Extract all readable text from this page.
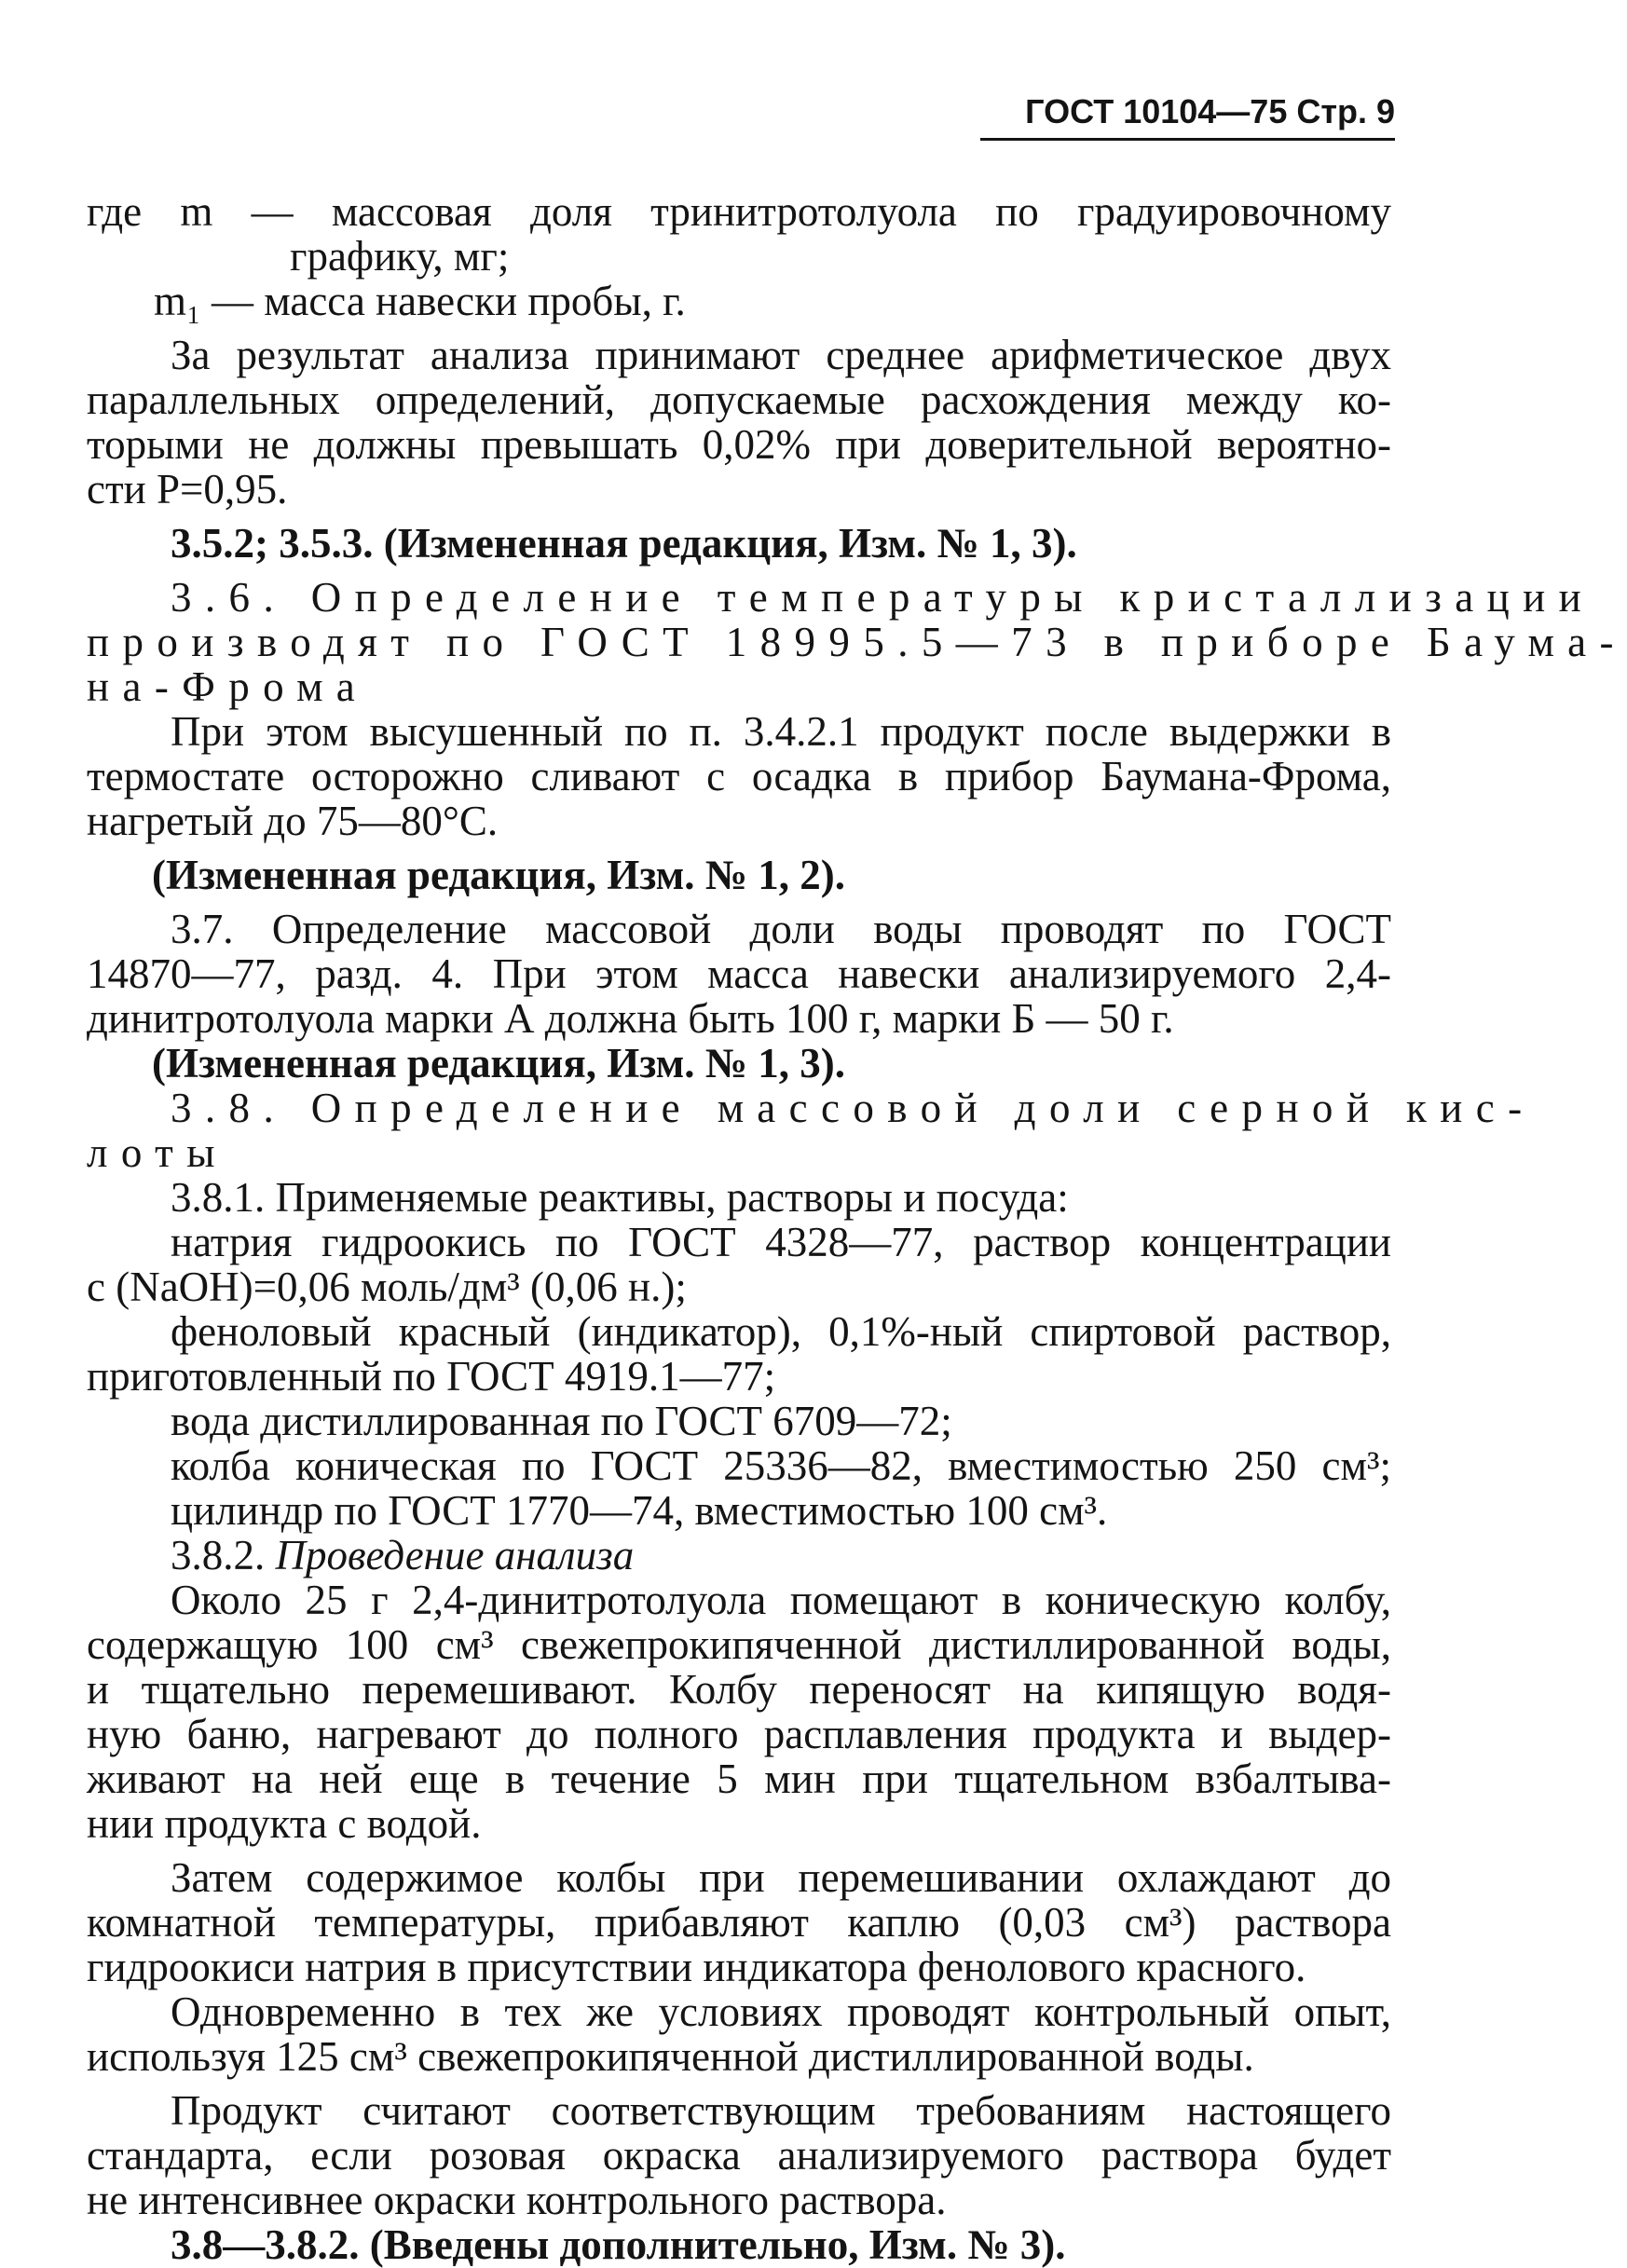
ГОСТ 10104—75 Стр. 9
где m — массовая доля тринитротолуола по градуировочному
графику, мг;
m₁ — масса навески пробы, г.
За результат анализа принимают среднее арифметическое двух
параллельных определений, допускаемые расхождения между ко-
торыми не должны превышать 0,02% при доверительной вероятно-
сти P=0,95.
3.5.2; 3.5.3. (Измененная редакция, Изм. № 1, 3).
3.6. Определение температуры кристаллизации
производят по ГОСТ 18995.5—73 в приборе Баума-
на-Фрома
При этом высушенный по п. 3.4.2.1 продукт после выдержки в
термостате осторожно сливают с осадка в прибор Баумана-Фрома,
нагретый до 75—80°С.
(Измененная редакция, Изм. № 1, 2).
3.7. Определение массовой доли воды проводят по ГОСТ
14870—77, разд. 4. При этом масса навески анализируемого 2,4-
динитротолуола марки А должна быть 100 г, марки Б — 50 г.
(Измененная редакция, Изм. № 1, 3).
3.8. Определение массовой доли серной кис-
лоты
3.8.1. Применяемые реактивы, растворы и посуда:
натрия гидроокись по ГОСТ 4328—77, раствор концентрации
с (NaOH)=0,06 моль/дм³ (0,06 н.);
феноловый красный (индикатор), 0,1%-ный спиртовой раствор,
приготовленный по ГОСТ 4919.1—77;
вода дистиллированная по ГОСТ 6709—72;
колба коническая по ГОСТ 25336—82, вместимостью 250 см³;
цилиндр по ГОСТ 1770—74, вместимостью 100 см³.
3.8.2. Проведение анализа
Около 25 г 2,4-динитротолуола помещают в коническую колбу,
содержащую 100 см³ свежепрокипяченной дистиллированной воды,
и тщательно перемешивают. Колбу переносят на кипящую водя-
ную баню, нагревают до полного расплавления продукта и выдер-
живают на ней еще в течение 5 мин при тщательном взбалтыва-
нии продукта с водой.
Затем содержимое колбы при перемешивании охлаждают до
комнатной температуры, прибавляют каплю (0,03 см³) раствора
гидроокиси натрия в присутствии индикатора фенолового красного.
Одновременно в тех же условиях проводят контрольный опыт,
используя 125 см³ свежепрокипяченной дистиллированной воды.
Продукт считают соответствующим требованиям настоящего
стандарта, если розовая окраска анализируемого раствора будет
не интенсивнее окраски контрольного раствора.
3.8—3.8.2. (Введены дополнительно, Изм. № 3).
